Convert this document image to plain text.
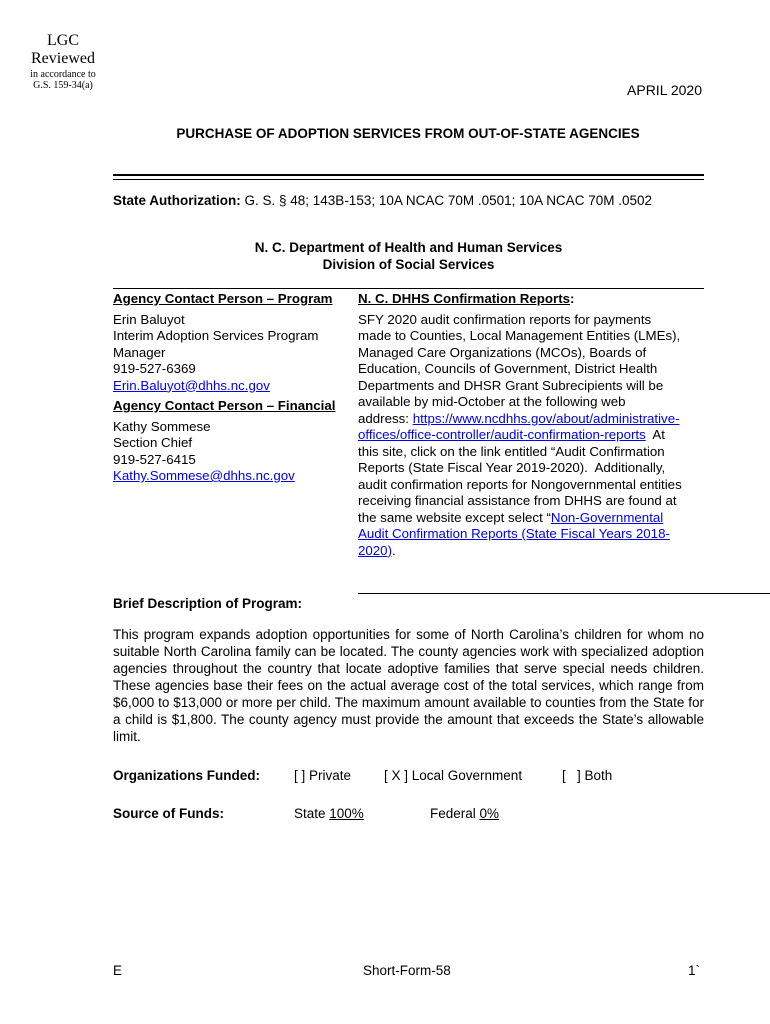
LGC
Reviewed
in accordance to
G.S. 159-34(a)	APRIL 2020
PURCHASE OF ADOPTION SERVICES FROM OUT-OF-STATE AGENCIES
State Authorization: G. S. § 48; 143B-153; 10A NCAC 70M .0501; 10A NCAC 70M .0502
N. C. Department of Health and Human Services
Division of Social Services
Agency Contact Person – Program
Erin Baluyot
Interim Adoption Services Program
Manager
919-527-6369
Erin.Baluyot@dhhs.nc.gov
Agency Contact Person – Financial
Kathy Sommese
Section Chief
919-527-6415
Kathy.Sommese@dhhs.nc.gov
N. C. DHHS Confirmation Reports:
SFY 2020 audit confirmation reports for payments
made to Counties, Local Management Entities (LMEs),
Managed Care Organizations (MCOs), Boards of
Education, Councils of Government, District Health
Departments and DHSR Grant Subrecipients will be
available by mid-October at the following web
address: https://www.ncdhhs.gov/about/administrative-
offices/office-controller/audit-confirmation-reports  At
this site, click on the link entitled “Audit Confirmation
Reports (State Fiscal Year 2019-2020).  Additionally,
audit confirmation reports for Nongovernmental entities
receiving financial assistance from DHHS are found at
the same website except select “Non-Governmental
Audit Confirmation Reports (State Fiscal Years 2018-
2020).
Brief Description of Program:
This program expands adoption opportunities for some of North Carolina’s children for whom no suitable North Carolina family can be located. The county agencies work with specialized adoption agencies throughout the country that locate adoptive families that serve special needs children. These agencies base their fees on the actual average cost of the total services, which range from $6,000 to $13,000 or more per child. The maximum amount available to counties from the State for a child is $1,800. The county agency must provide the amount that exceeds the State’s allowable limit.
Organizations Funded:	[ ] Private [ X ] Local Government	[   ] Both
Source of Funds:	State 100%	Federal 0%
E	Short-Form-58	1`
